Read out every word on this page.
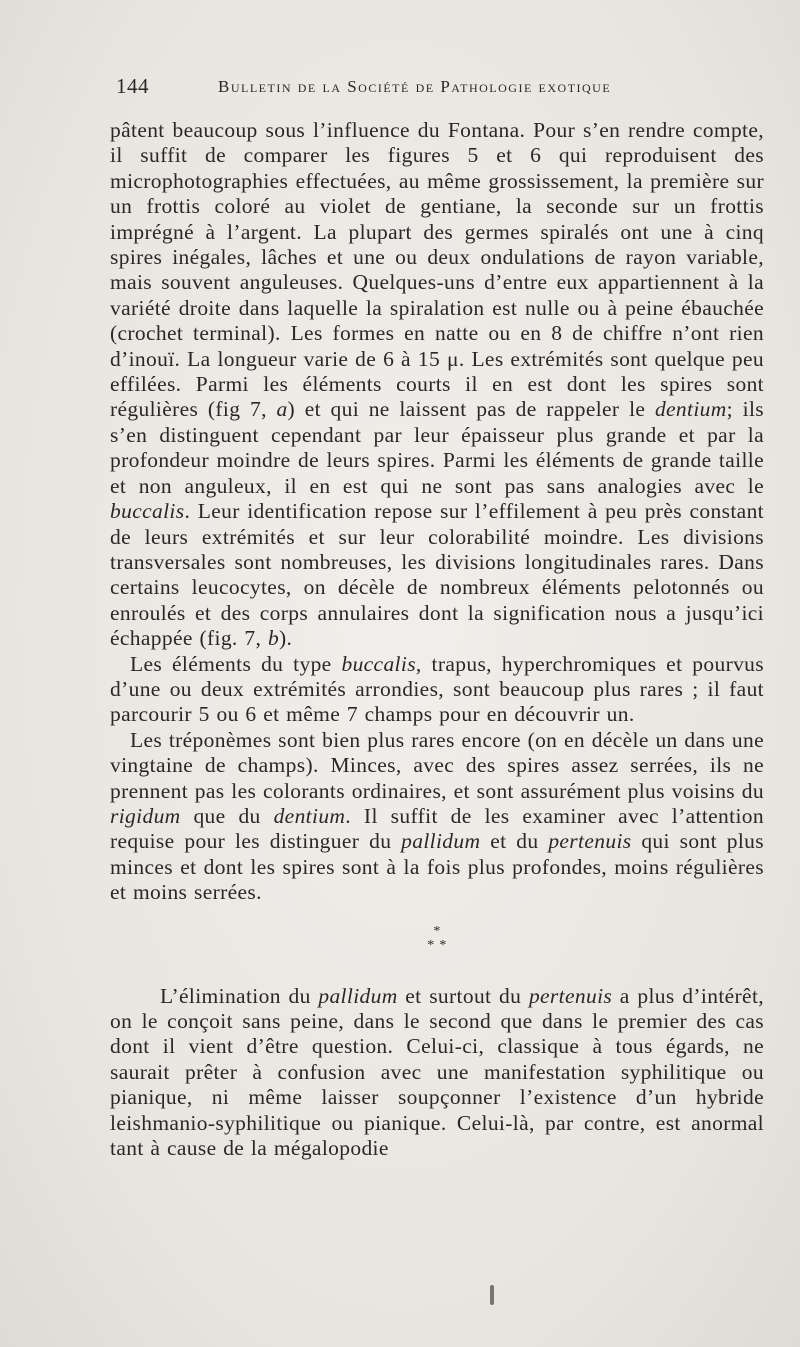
144	Bulletin de la Société de Pathologie exotique

pâtent beaucoup sous l’influence du Fontana. Pour s’en rendre compte, il suffit de comparer les figures 5 et 6 qui reproduisent des microphotographies effectuées, au même grossissement, la première sur un frottis coloré au violet de gentiane, la seconde sur un frottis imprégné à l’argent. La plupart des germes spiralés ont une à cinq spires inégales, lâches et une ou deux ondulations de rayon variable, mais souvent anguleuses. Quelques-uns d’entre eux appartiennent à la variété droite dans laquelle la spiralation est nulle ou à peine ébauchée (crochet terminal). Les formes en natte ou en 8 de chiffre n’ont rien d’inouï. La longueur varie de 6 à 15 μ. Les extrémités sont quelque peu effilées. Parmi les éléments courts il en est dont les spires sont régulières (fig 7, a) et qui ne laissent pas de rappeler le dentium; ils s’en distinguent cependant par leur épaisseur plus grande et par la profondeur moindre de leurs spires. Parmi les éléments de grande taille et non anguleux, il en est qui ne sont pas sans analogies avec le buccalis. Leur identification repose sur l’effilement à peu près constant de leurs extrémités et sur leur colorabilité moindre. Les divisions transversales sont nombreuses, les divisions longitudinales rares. Dans certains leucocytes, on décèle de nombreux éléments pelotonnés ou enroulés et des corps annulaires dont la signification nous a jusqu’ici échappée (fig. 7, b).

Les éléments du type buccalis, trapus, hyperchromiques et pourvus d’une ou deux extrémités arrondies, sont beaucoup plus rares ; il faut parcourir 5 ou 6 et même 7 champs pour en découvrir un.

Les tréponèmes sont bien plus rares encore (on en décèle un dans une vingtaine de champs). Minces, avec des spires assez serrées, ils ne prennent pas les colorants ordinaires, et sont assurément plus voisins du rigidum que du dentium. Il suffit de les examiner avec l’attention requise pour les distinguer du pallidum et du pertenuis qui sont plus minces et dont les spires sont à la fois plus profondes, moins régulières et moins serrées.

*
* *

L’élimination du pallidum et surtout du pertenuis a plus d’intérêt, on le conçoit sans peine, dans le second que dans le premier des cas dont il vient d’être question. Celui-ci, classique à tous égards, ne saurait prêter à confusion avec une manifestation syphilitique ou pianique, ni même laisser soupçonner l’existence d’un hybride leishmanio-syphilitique ou pianique. Celui-là, par contre, est anormal tant à cause de la mégalopodie
